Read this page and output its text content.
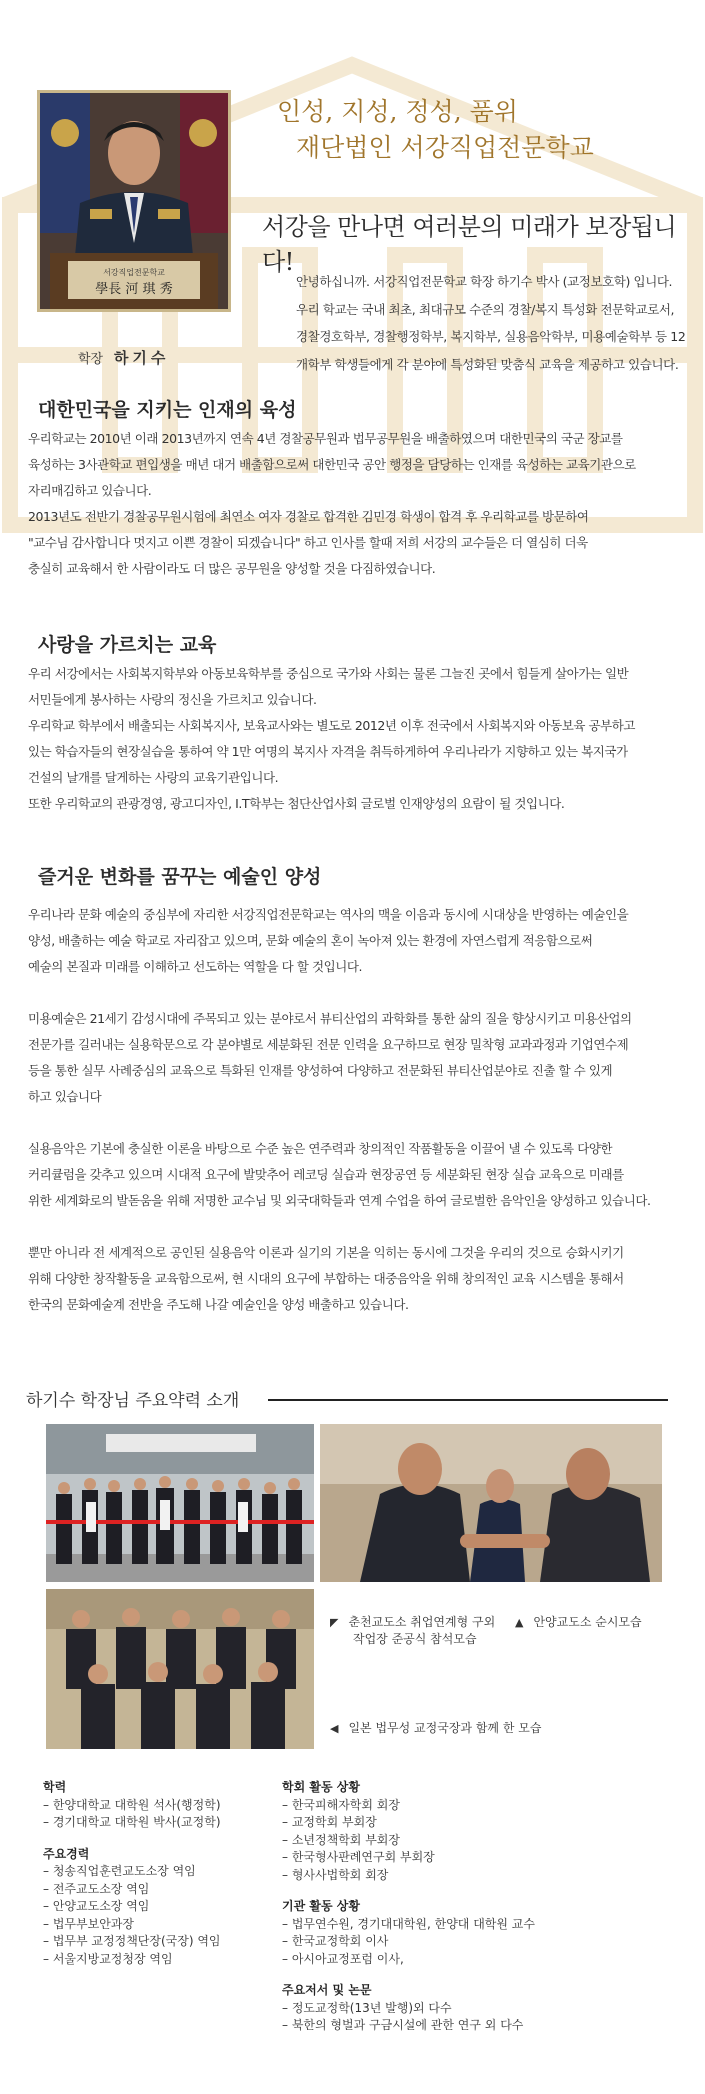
서강직업전문학교
學長 河 琪 秀
학장 하기수
인성, 지성, 정성, 품위
재단법인 서강직업전문학교
서강을 만나면 여러분의 미래가 보장됩니다!

안녕하십니까. 서강직업전문학교 학장 하기수 박사 (교정보호학) 입니다.

우리 학교는 국내 최초, 최대규모 수준의 경찰/복지 특성화 전문학교로서,

경찰경호학부, 경찰행정학부, 복지학부, 실용음악학부, 미용예술학부 등 12

개학부 학생들에게 각 분야에 특성화된 맞춤식 교육을 제공하고 있습니다.

대한민국을 지키는 인재의 육성

우리학교는 2010년 이래 2013년까지 연속 4년 경찰공무원과 법무공무원을 배출하였으며 대한민국의 국군 장교를

육성하는 3사관학교 편입생을 매년 대거 배출함으로써 대한민국 공안 행정을 담당하는 인재를 육성하는 교육기관으로

자리매김하고 있습니다.

2013년도 전반기 경찰공무원시험에 최연소 여자 경찰로 합격한 김민경 학생이 합격 후 우리학교를 방문하여

"교수님 감사합니다 멋지고 이쁜 경찰이 되겠습니다" 하고 인사를 할때 저희 서강의 교수들은 더 열심히 더욱

충실히 교육해서 한 사람이라도 더 많은 공무원을 양성할 것을 다짐하였습니다.

사랑을 가르치는 교육

우리 서강에서는 사회복지학부와 아동보육학부를 중심으로 국가와 사회는 물론 그늘진 곳에서 힘들게 살아가는 일반

서민들에게 봉사하는 사랑의 정신을 가르치고 있습니다.

우리학교 학부에서 배출되는 사회복지사, 보육교사와는 별도로 2012년 이후 전국에서 사회복지와 아동보육 공부하고

있는 학습자들의 현장실습을 통하여 약 1만 여명의 복지사 자격을 취득하게하여 우리나라가 지향하고 있는 복지국가

건설의 날개를 달게하는 사랑의 교육기관입니다.

또한 우리학교의 관광경영, 광고디자인, I.T학부는 첨단산업사회 글로벌 인재양성의 요람이 될 것입니다.

즐거운 변화를 꿈꾸는 예술인 양성

우리나라 문화 예술의 중심부에 자리한 서강직업전문학교는 역사의 맥을 이음과 동시에 시대상을 반영하는 예술인을

양성, 배출하는 예술 학교로 자리잡고 있으며, 문화 예술의 혼이 녹아져 있는 환경에 자연스럽게 적응함으로써

예술의 본질과 미래를 이해하고 선도하는 역할을 다 할 것입니다.

미용예술은 21세기 감성시대에 주목되고 있는 분야로서 뷰티산업의 과학화를 통한 삶의 질을 향상시키고 미용산업의

전문가를 길러내는 실용학문으로 각 분야별로 세분화된 전문 인력을 요구하므로 현장 밀착형 교과과정과 기업연수제

등을 통한 실무 사례중심의 교육으로 특화된 인재를 양성하여 다양하고 전문화된 뷰티산업분야로 진출 할 수 있게

하고 있습니다

실용음악은 기본에 충실한 이론을 바탕으로 수준 높은 연주력과 창의적인 작품활동을 이끌어 낼 수 있도록 다양한

커리큘럼을 갖추고 있으며 시대적 요구에 발맞추어 레코딩 실습과 현장공연 등 세분화된 현장 실습 교육으로 미래를

위한 세계화로의 발돋움을 위해 저명한 교수님 및 외국대학들과 연계 수업을 하여 글로벌한 음악인을 양성하고 있습니다.

뿐만 아니라 전 세계적으로 공인된 실용음악 이론과 실기의 기본을 익히는 동시에 그것을 우리의 것으로 승화시키기

위해 다양한 창작활동을 교육함으로써, 현 시대의 요구에 부합하는 대중음악을 위해 창의적인 교육 시스템을 통해서

한국의 문화예술계 전반을 주도해 나갈 예술인을 양성 배출하고 있습니다.

하기수 학장님 주요약력 소개
◤ 춘천교도소 취업연계형 구외
작업장 준공식 참석모습
▲ 안양교도소 순시모습
◀ 일본 법무성 교정국장과 함께 한 모습
학력
– 한양대학교 대학원 석사(행정학)
– 경기대학교 대학원 박사(교정학)
주요경력
– 청송직업훈련교도소장 역임
– 전주교도소장 역임
– 안양교도소장 역임
– 법무부보안과장
– 법무부 교정정책단장(국장) 역임
– 서울지방교정청장 역임
학회 활동 상황
– 한국피해자학회 회장
– 교정학회 부회장
– 소년정책학회 부회장
– 한국형사판례연구회 부회장
– 형사사법학회 회장
기관 활동 상황
– 법무연수원, 경기대대학원, 한양대 대학원 교수
– 한국교정학회 이사
– 아시아교정포럼 이사,
주요저서 및 논문
– 정도교정학(13년 발행)외 다수
– 북한의 형벌과 구금시설에 관한 연구 외 다수
